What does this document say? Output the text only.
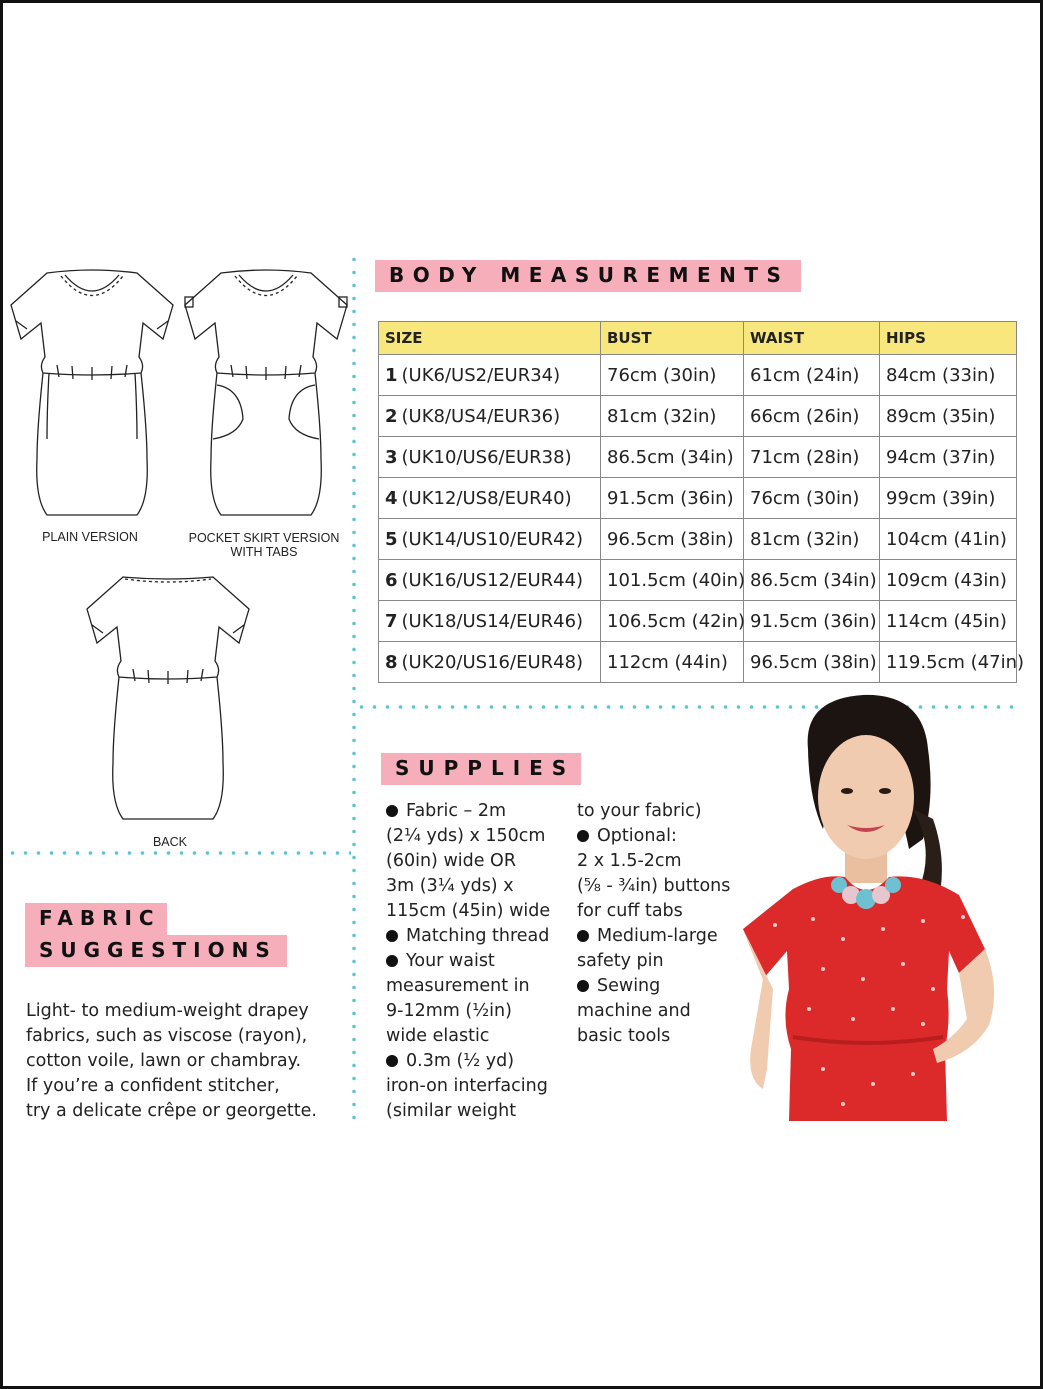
PLAIN VERSION	POCKET SKIRT VERSION
WITH TABS
BACK
BODY MEASUREMENTS
SIZE	BUST	WAIST	HIPS
1 (UK6/US2/EUR34)	76cm (30in)	61cm (24in)	84cm (33in)
2 (UK8/US4/EUR36)	81cm (32in)	66cm (26in)	89cm (35in)
3 (UK10/US6/EUR38)	86.5cm (34in)	71cm (28in)	94cm (37in)
4 (UK12/US8/EUR40)	91.5cm (36in)	76cm (30in)	99cm (39in)
5 (UK14/US10/EUR42)	96.5cm (38in)	81cm (32in)	104cm (41in)
6 (UK16/US12/EUR44)	101.5cm (40in)	86.5cm (34in)	109cm (43in)
7 (UK18/US14/EUR46)	106.5cm (42in)	91.5cm (36in)	114cm (45in)
8 (UK20/US16/EUR48)	112cm (44in)	96.5cm (38in)	119.5cm (47in)
SUPPLIES
Fabric – 2m
(2¼ yds) x 150cm
(60in) wide OR
3m (3¼ yds) x
115cm (45in) wide
Matching thread
Your waist
measurement in
9-12mm (½in)
wide elastic
0.3m (½ yd)
iron-on interfacing
(similar weight
to your fabric)
Optional:
2 x 1.5-2cm
(⅝ - ¾in) buttons
for cuff tabs
Medium-large
safety pin
Sewing
machine and
basic tools
FABRIC
SUGGESTIONS
Light- to medium-weight drapey
fabrics, such as viscose (rayon),
cotton voile, lawn or chambray.
If you’re a confident stitcher,
try a delicate crêpe or georgette.
